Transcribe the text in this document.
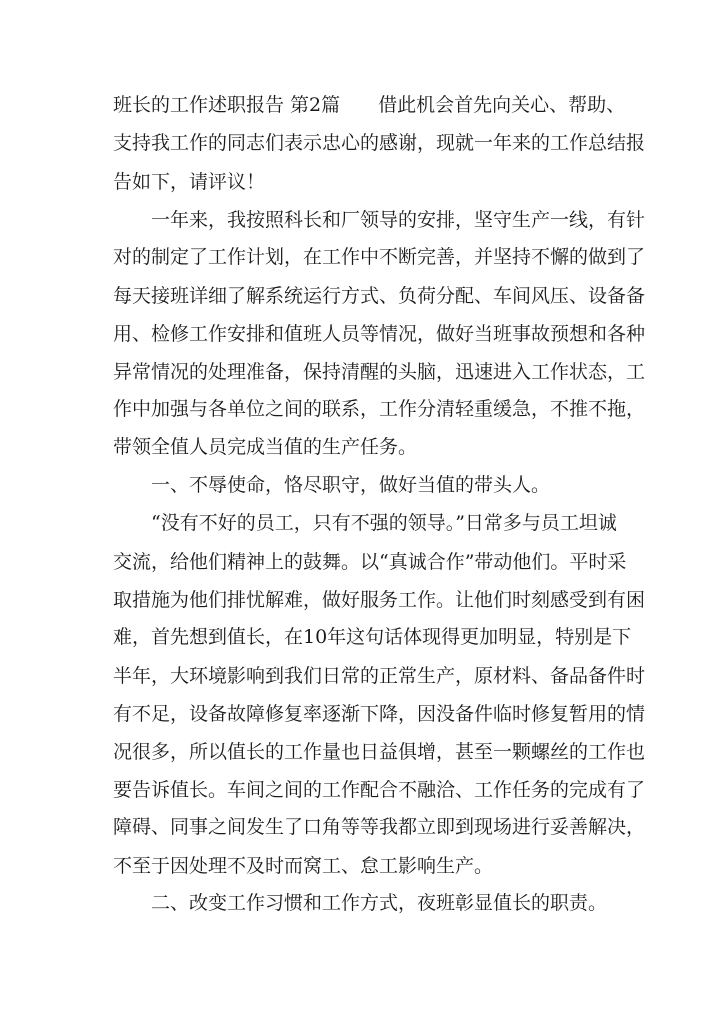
班长的工作述职报告 第2篇　　借此机会首先向关心、帮助、

支持我工作的同志们表示忠心的感谢，现就一年来的工作总结报

告如下，请评议！

　　一年来，我按照科长和厂领导的安排，坚守生产一线，有针

对的制定了工作计划，在工作中不断完善，并坚持不懈的做到了

每天接班详细了解系统运行方式、负荷分配、车间风压、设备备

用、检修工作安排和值班人员等情况，做好当班事故预想和各种

异常情况的处理准备，保持清醒的头脑，迅速进入工作状态，工

作中加强与各单位之间的联系，工作分清轻重缓急，不推不拖，

带领全值人员完成当值的生产任务。

　　一、不辱使命，恪尽职守，做好当值的带头人。

　　“没有不好的员工，只有不强的领导。”日常多与员工坦诚

交流，给他们精神上的鼓舞。以“真诚合作”带动他们。平时采

取措施为他们排忧解难，做好服务工作。让他们时刻感受到有困

难，首先想到值长，在10年这句话体现得更加明显，特别是下

半年，大环境影响到我们日常的正常生产，原材料、备品备件时

有不足，设备故障修复率逐渐下降，因没备件临时修复暂用的情

况很多，所以值长的工作量也日益俱增，甚至一颗螺丝的工作也

要告诉值长。车间之间的工作配合不融洽、工作任务的完成有了

障碍、同事之间发生了口角等等我都立即到现场进行妥善解决，

不至于因处理不及时而窝工、怠工影响生产。

　　二、改变工作习惯和工作方式，夜班彰显值长的职责。
